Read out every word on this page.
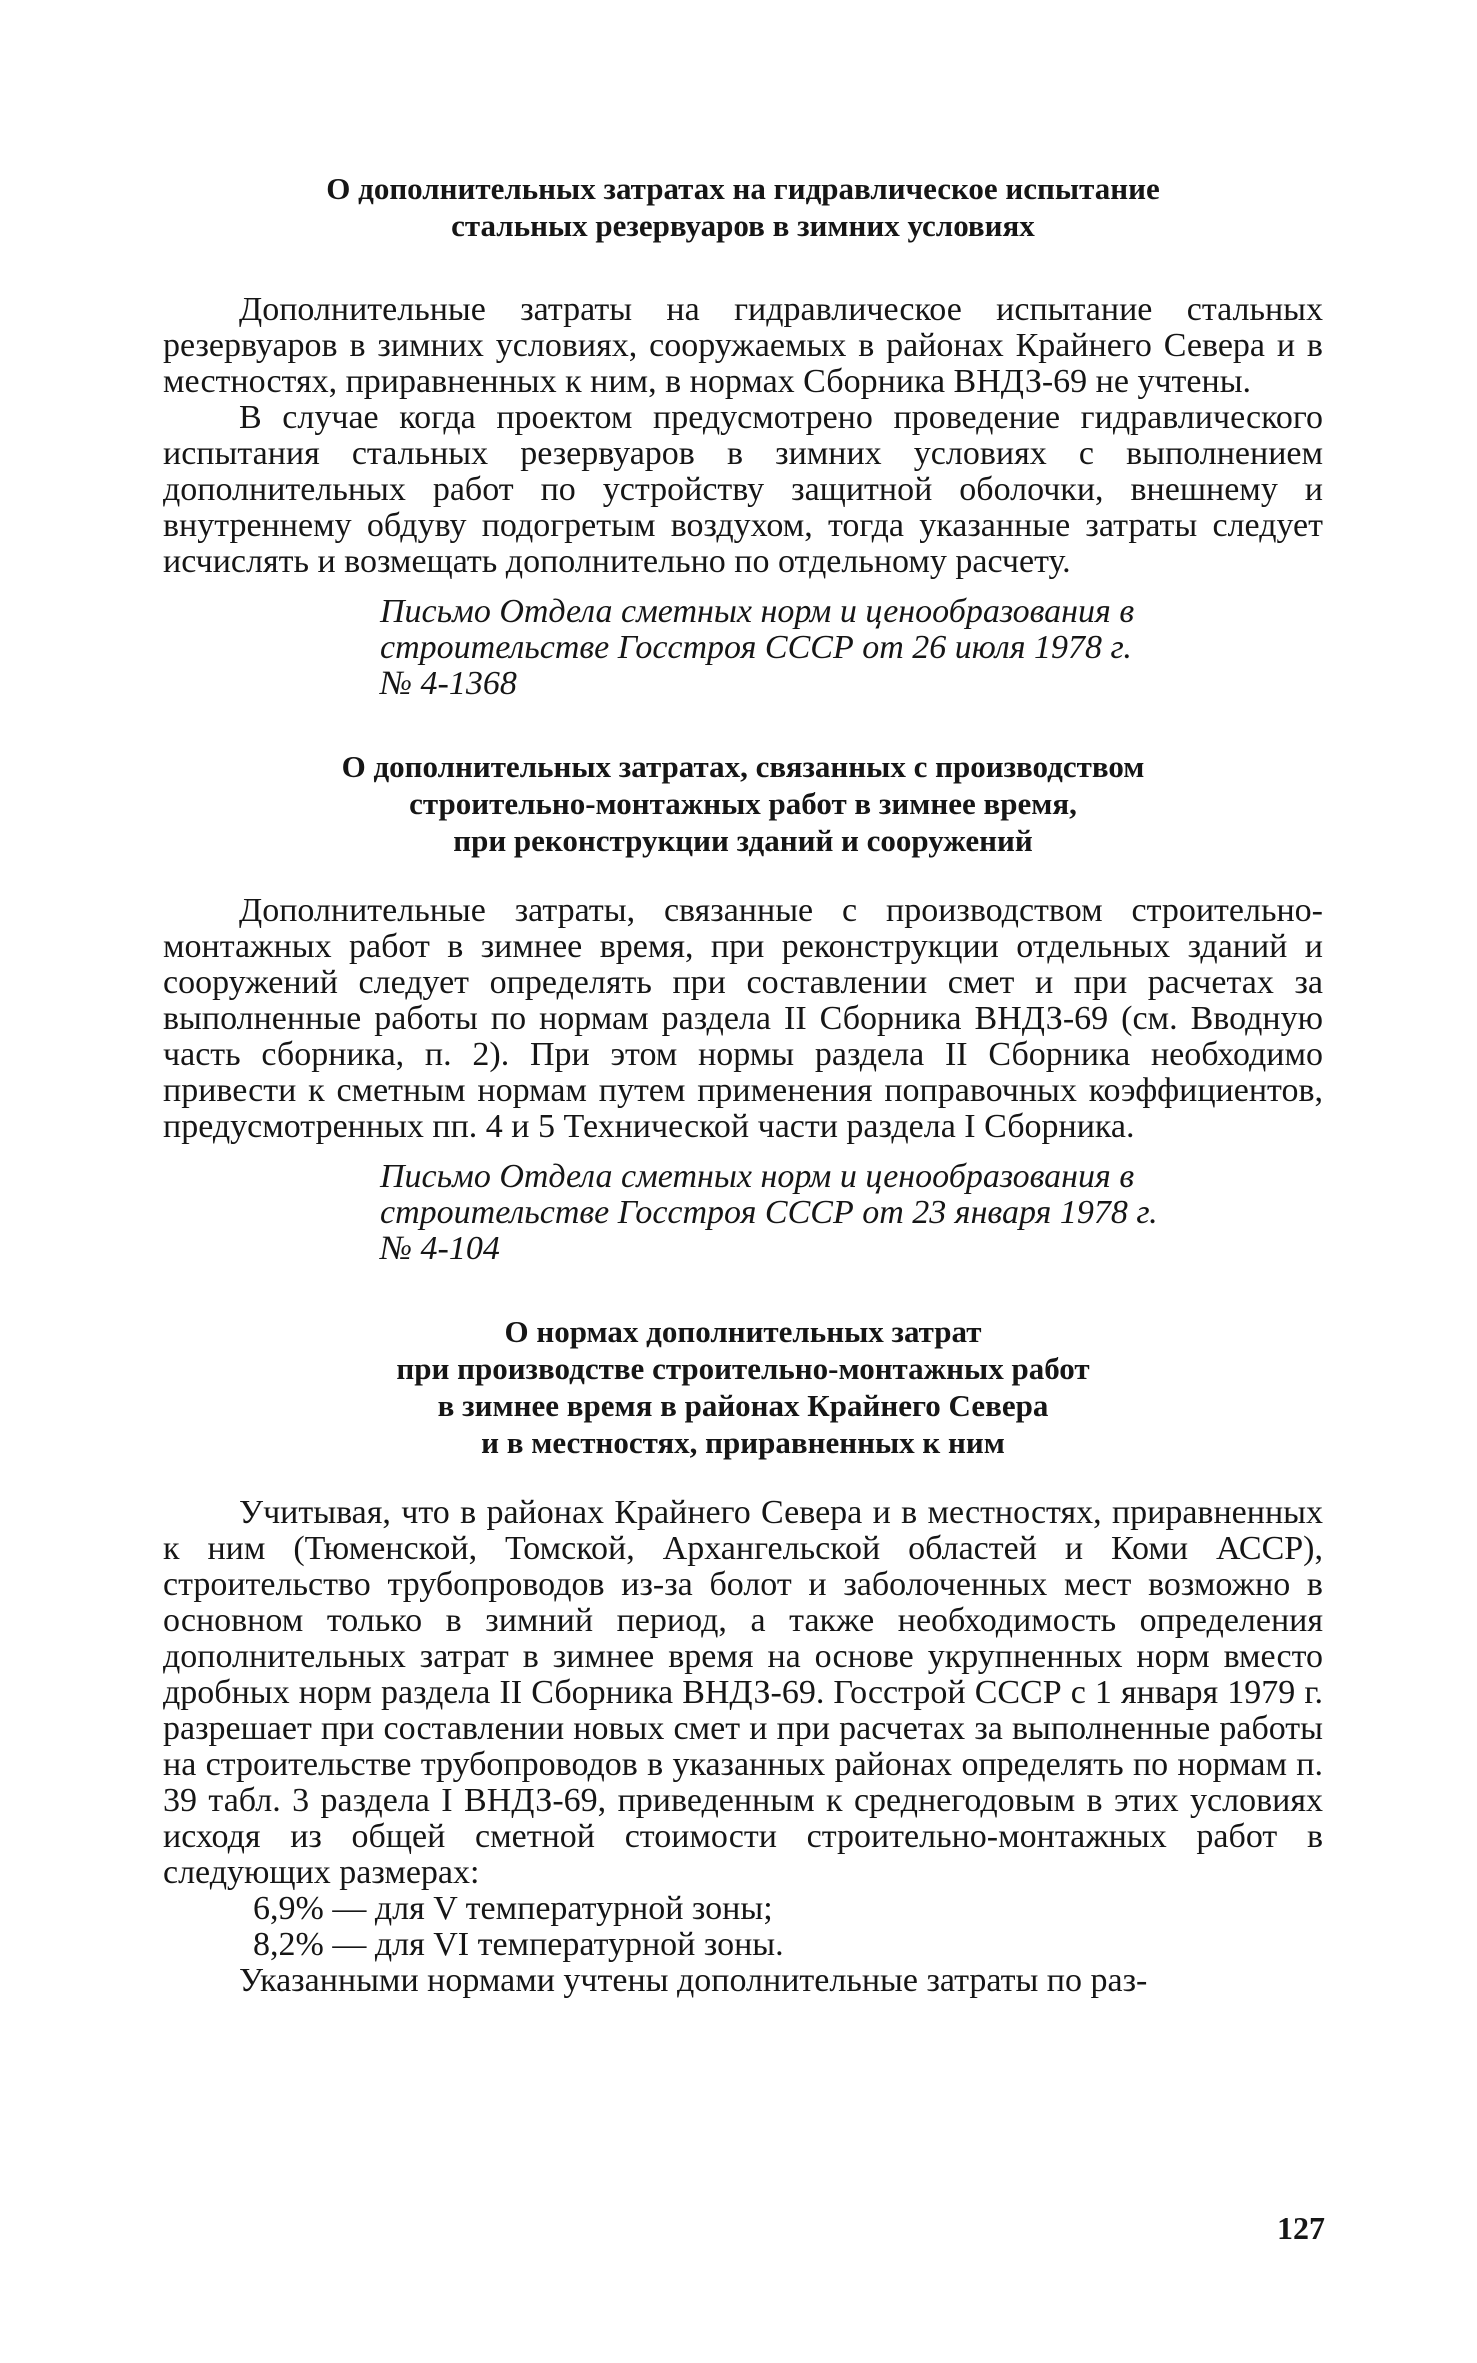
О дополнительных затратах на гидравлическое испытание
стальных резервуаров в зимних условиях

Дополнительные затраты на гидравлическое испытание стальных резервуаров в зимних условиях, сооружаемых в районах Крайнего Севера и в местностях, приравненных к ним, в нормах Сборника ВНДЗ-69 не учтены.

В случае когда проектом предусмотрено проведение гидравлического испытания стальных резервуаров в зимних условиях с выполнением дополнительных работ по устройству защитной оболочки, внешнему и внутреннему обдуву подогретым воздухом, тогда указанные затраты следует исчислять и возмещать дополнительно по отдельному расчету.

Письмо Отдела сметных норм и ценообразования в
строительстве Госстроя СССР от 26 июля 1978 г.
№ 4-1368
О дополнительных затратах, связанных с производством
строительно-монтажных работ в зимнее время,
при реконструкции зданий и сооружений

Дополнительные затраты, связанные с производством строительно-монтажных работ в зимнее время, при реконструкции отдельных зданий и сооружений следует определять при составлении смет и при расчетах за выполненные работы по нормам раздела II Сборника ВНДЗ-69 (см. Вводную часть сборника, п. 2). При этом нормы раздела II Сборника необходимо привести к сметным нормам путем применения поправочных коэффициентов, предусмотренных пп. 4 и 5 Технической части раздела I Сборника.

Письмо Отдела сметных норм и ценообразования в
строительстве Госстроя СССР от 23 января 1978 г.
№ 4-104
О нормах дополнительных затрат
при производстве строительно-монтажных работ
в зимнее время в районах Крайнего Севера
и в местностях, приравненных к ним

Учитывая, что в районах Крайнего Севера и в местностях, приравненных к ним (Тюменской, Томской, Архангельской областей и Коми АССР), строительство трубопроводов из-за болот и заболоченных мест возможно в основном только в зимний период, а также необходимость определения дополнительных затрат в зимнее время на основе укрупненных норм вместо дробных норм раздела II Сборника ВНДЗ-69. Госстрой СССР с 1 января 1979 г. разрешает при составлении новых смет и при расчетах за выполненные работы на строительстве трубопроводов в указанных районах определять по нормам п. 39 табл. 3 раздела I ВНДЗ-69, приведенным к среднегодовым в этих условиях исходя из общей сметной стоимости строительно-монтажных работ в следующих размерах:

6,9% — для V температурной зоны;
8,2% — для VI температурной зоны.

Указанными нормами учтены дополнительные затраты по раз-

127
